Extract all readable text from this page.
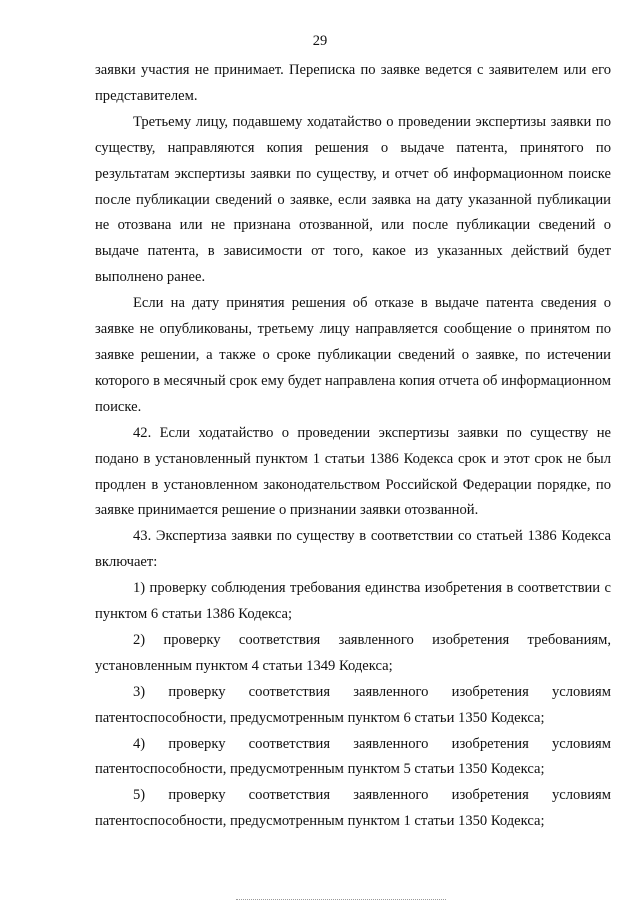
29

заявки участия не принимает. Переписка по заявке ведется с заявителем или его представителем.

Третьему лицу, подавшему ходатайство о проведении экспертизы заявки по существу, направляются копия решения о выдаче патента, принятого по результатам экспертизы заявки по существу, и отчет об информационном поиске после публикации сведений о заявке, если заявка на дату указанной публикации не отозвана или не признана отозванной, или после публикации сведений о выдаче патента, в зависимости от того, какое из указанных действий будет выполнено ранее.

Если на дату принятия решения об отказе в выдаче патента сведения о заявке не опубликованы, третьему лицу направляется сообщение о принятом по заявке решении, а также о сроке публикации сведений о заявке, по истечении которого в месячный срок ему будет направлена копия отчета об информационном поиске.

42. Если ходатайство о проведении экспертизы заявки по существу не подано в установленный пунктом 1 статьи 1386 Кодекса срок и этот срок не был продлен в установленном законодательством Российской Федерации порядке, по заявке принимается решение о признании заявки отозванной.

43. Экспертиза заявки по существу в соответствии со статьей 1386 Кодекса включает:

1) проверку соблюдения требования единства изобретения в соответствии с пунктом 6 статьи 1386 Кодекса;

2) проверку соответствия заявленного изобретения требованиям, установленным пунктом 4 статьи 1349 Кодекса;

3) проверку соответствия заявленного изобретения условиям патентоспособности, предусмотренным пунктом 6 статьи 1350 Кодекса;

4) проверку соответствия заявленного изобретения условиям патентоспособности, предусмотренным пунктом 5 статьи 1350 Кодекса;

5) проверку соответствия заявленного изобретения условиям патентоспособности, предусмотренным пунктом 1 статьи 1350 Кодекса;
